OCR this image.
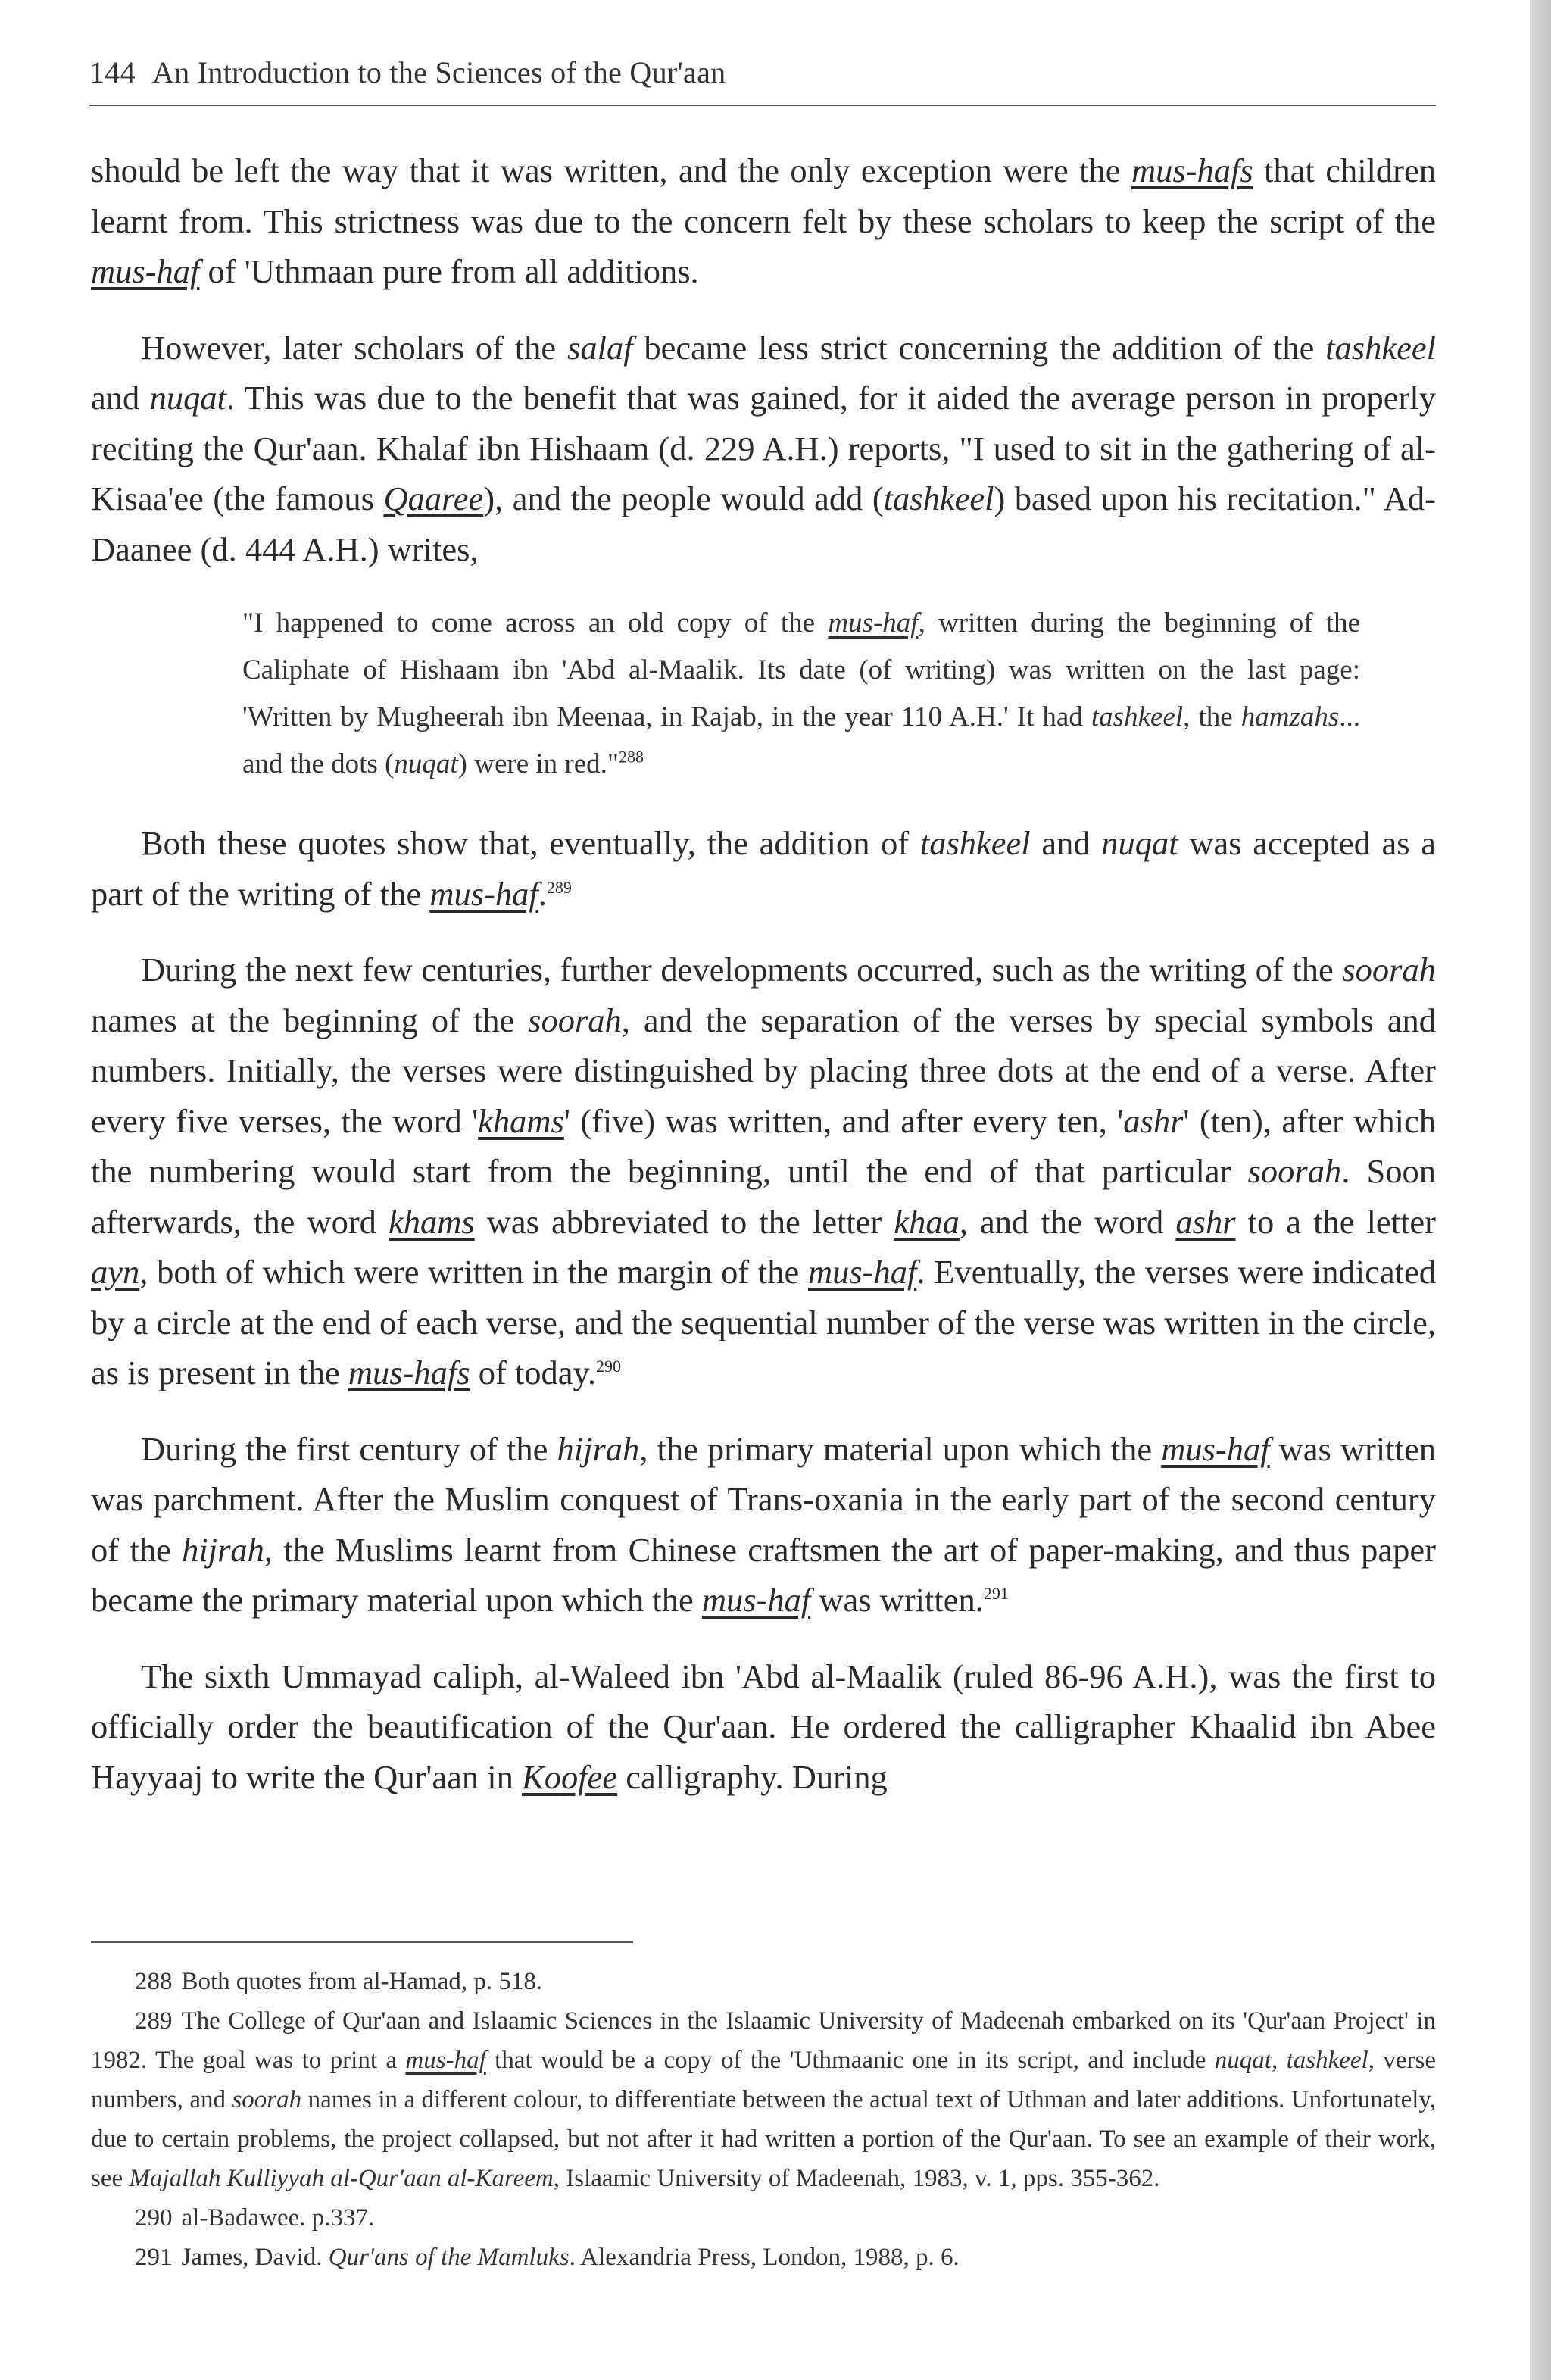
144 An Introduction to the Sciences of the Qur'aan

should be left the way that it was written, and the only exception were the mus-hafs that children learnt from. This strictness was due to the concern felt by these scholars to keep the script of the mus-haf of 'Uthmaan pure from all additions.

However, later scholars of the salaf became less strict concerning the addition of the tashkeel and nuqat. This was due to the benefit that was gained, for it aided the average person in properly reciting the Qur'aan. Khalaf ibn Hishaam (d. 229 A.H.) reports, "I used to sit in the gathering of al-Kisaa'ee (the famous Qaaree), and the people would add (tashkeel) based upon his recitation." Ad-Daanee (d. 444 A.H.) writes,

"I happened to come across an old copy of the mus-haf, written during the beginning of the Caliphate of Hishaam ibn 'Abd al-Maalik. Its date (of writing) was written on the last page: 'Written by Mugheerah ibn Meenaa, in Rajab, in the year 110 A.H.' It had tashkeel, the hamzahs... and the dots (nuqat) were in red."$^{288}$

Both these quotes show that, eventually, the addition of tashkeel and nuqat was accepted as a part of the writing of the mus-haf.$^{289}$

During the next few centuries, further developments occurred, such as the writing of the soorah names at the beginning of the soorah, and the separation of the verses by special symbols and numbers. Initially, the verses were distinguished by placing three dots at the end of a verse. After every five verses, the word 'khams' (five) was written, and after every ten, 'ashr' (ten), after which the numbering would start from the beginning, until the end of that particular soorah. Soon afterwards, the word khams was abbreviated to the letter khaa, and the word ashr to a the letter ayn, both of which were written in the margin of the mus-haf. Eventually, the verses were indicated by a circle at the end of each verse, and the sequential number of the verse was written in the circle, as is present in the mus-hafs of today.$^{290}$

During the first century of the hijrah, the primary material upon which the mus-haf was written was parchment. After the Muslim conquest of Trans-oxania in the early part of the second century of the hijrah, the Muslims learnt from Chinese craftsmen the art of paper-making, and thus paper became the primary material upon which the mus-haf was written.$^{291}$

The sixth Ummayad caliph, al-Waleed ibn 'Abd al-Maalik (ruled 86-96 A.H.), was the first to officially order the beautification of the Qur'aan. He ordered the calligrapher Khaalid ibn Abee Hayyaaj to write the Qur'aan in Koofee calligraphy. During

288 Both quotes from al-Hamad, p. 518.

289 The College of Qur'aan and Islaamic Sciences in the Islaamic University of Madeenah embarked on its 'Qur'aan Project' in 1982. The goal was to print a mus-haf that would be a copy of the 'Uthmaanic one in its script, and include nuqat, tashkeel, verse numbers, and soorah names in a different colour, to differentiate between the actual text of Uthman and later additions. Unfortunately, due to certain problems, the project collapsed, but not after it had written a portion of the Qur'aan. To see an example of their work, see Majallah Kulliyyah al-Qur'aan al-Kareem, Islaamic University of Madeenah, 1983, v. 1, pps. 355-362.

290 al-Badawee. p.337.

291 James, David. Qur'ans of the Mamluks. Alexandria Press, London, 1988, p. 6.
